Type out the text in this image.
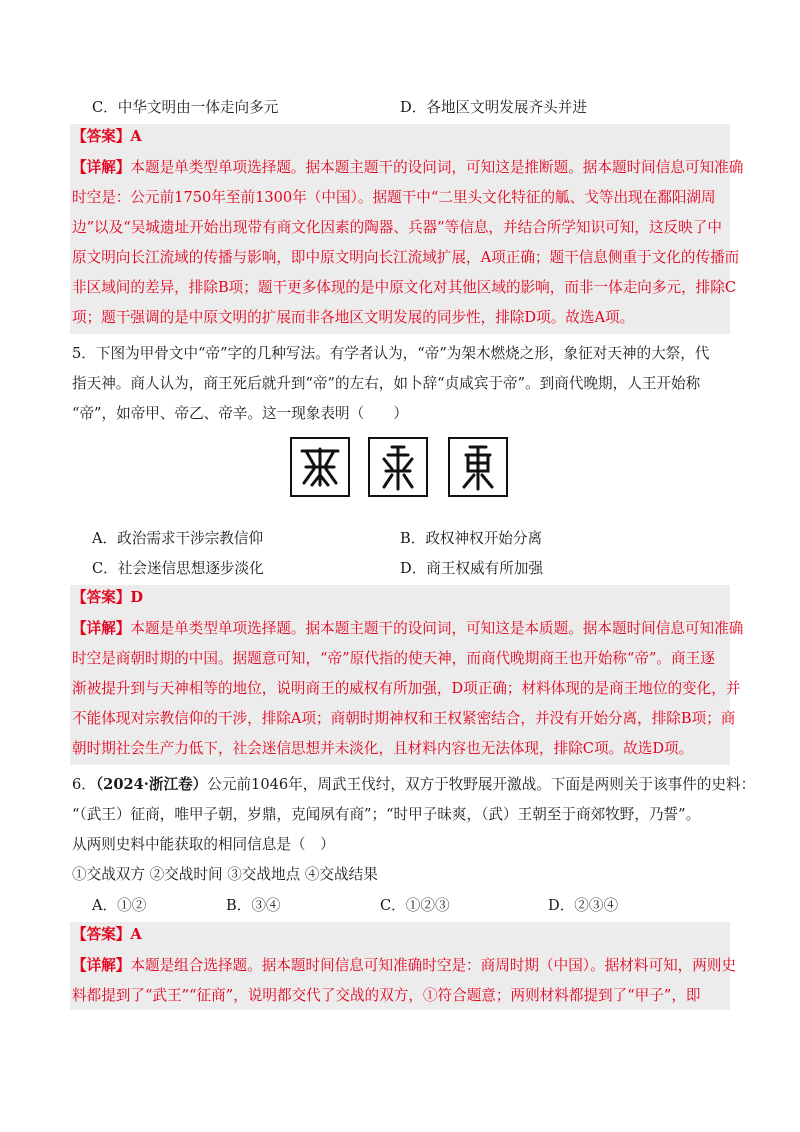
C．中华文明由一体走向多元	D．各地区文明发展齐头并进
【答案】A
【详解】本题是单类型单项选择题。据本题主题干的设问词，可知这是推断题。据本题时间信息可知准确
时空是：公元前1750年至前1300年（中国）。据题干中“二里头文化特征的觚、戈等出现在鄱阳湖周
边”以及“吴城遗址开始出现带有商文化因素的陶器、兵器”等信息，并结合所学知识可知，这反映了中
原文明向长江流域的传播与影响，即中原文明向长江流域扩展，A项正确；题干信息侧重于文化的传播而
非区域间的差异，排除B项；题干更多体现的是中原文化对其他区域的影响，而非一体走向多元，排除C
项；题干强调的是中原文明的扩展而非各地区文明发展的同步性，排除D项。故选A项。
5．下图为甲骨文中“帝”字的几种写法。有学者认为，“帝”为架木燃烧之形，象征对天神的大祭，代
指天神。商人认为，商王死后就升到“帝”的左右，如卜辞“贞咸宾于帝”。到商代晚期，人王开始称
“帝”，如帝甲、帝乙、帝辛。这一现象表明（　　）
A．政治需求干涉宗教信仰	B．政权神权开始分离
C．社会迷信思想逐步淡化	D．商王权威有所加强
【答案】D
【详解】本题是单类型单项选择题。据本题主题干的设问词，可知这是本质题。据本题时间信息可知准确
时空是商朝时期的中国。据题意可知，“帝”原代指的使天神，而商代晚期商王也开始称“帝”。商王逐
渐被提升到与天神相等的地位，说明商王的威权有所加强，D项正确；材料体现的是商王地位的变化，并
不能体现对宗教信仰的干涉，排除A项；商朝时期神权和王权紧密结合，并没有开始分离，排除B项；商
朝时期社会生产力低下，社会迷信思想并未淡化，且材料内容也无法体现，排除C项。故选D项。
6．（2024·浙江卷）公元前1046年，周武王伐纣，双方于牧野展开激战。下面是两则关于该事件的史料：
“（武王）征商，唯甲子朝，岁鼎，克闻夙有商”；“时甲子昧爽，（武）王朝至于商郊牧野，乃誓”。
从两则史料中能获取的相同信息是（　）
①交战双方 ②交战时间 ③交战地点 ④交战结果
A．①②	B．③④	C．①②③	D．②③④
【答案】A
【详解】本题是组合选择题。据本题时间信息可知准确时空是：商周时期（中国）。据材料可知，两则史
料都提到了“武王”“征商”，说明都交代了交战的双方，①符合题意；两则材料都提到了“甲子”，即
